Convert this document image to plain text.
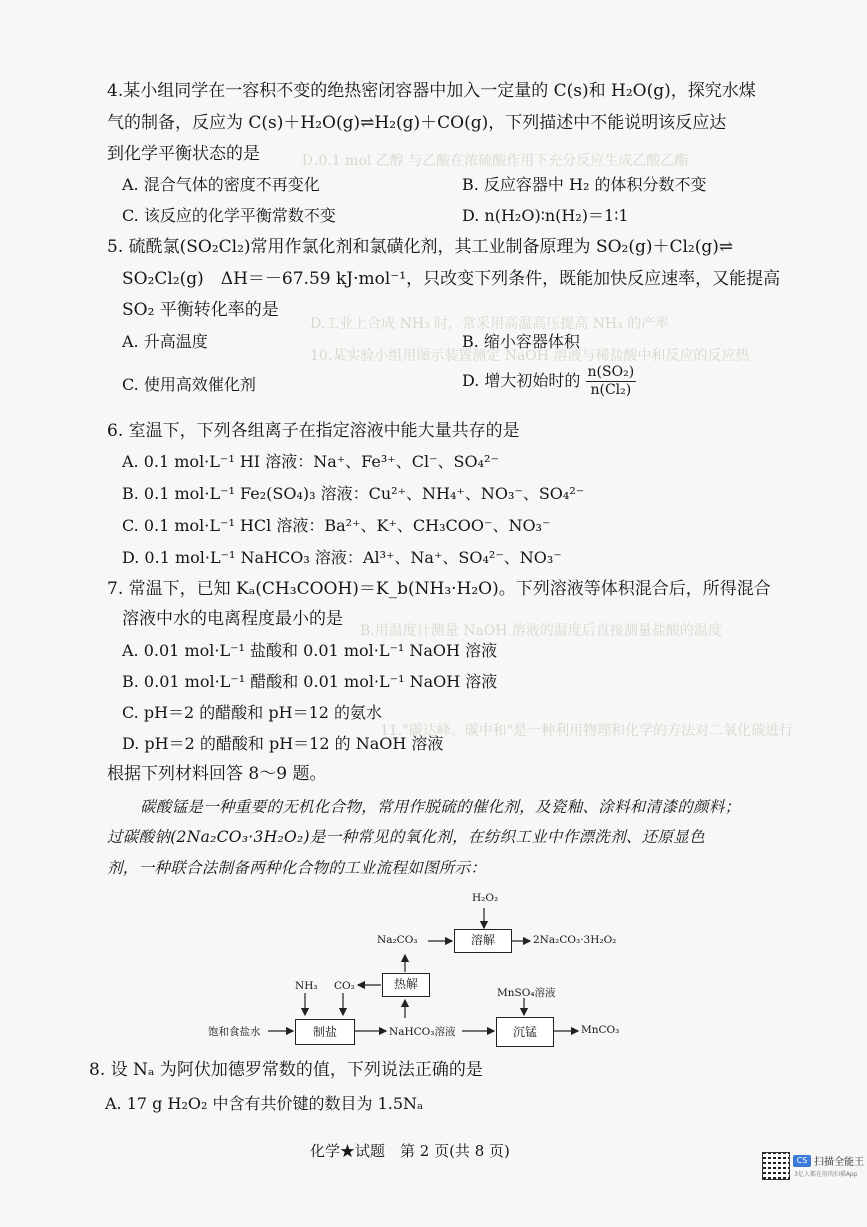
Ｄ.0.1 mol 乙醇 与乙酸在浓硫酸作用下充分反应生成乙酸乙酯
D.工业上合成 NH₃ 时，常采用高温高压提高 NH₃ 的产率
10.某实验小组用图示装置测定 NaOH 溶液与稀盐酸中和反应的反应热
B.用温度计测量 NaOH 溶液的温度后直接测量盐酸的温度
11."碳达峰、碳中和"是一种利用物理和化学的方法对二氧化碳进行
4.某小组同学在一容积不变的绝热密闭容器中加入一定量的 C(s)和 H₂O(g)，探究水煤
气的制备，反应为 C(s)＋H₂O(g)⇌H₂(g)＋CO(g)，下列描述中不能说明该反应达
到化学平衡状态的是
A. 混合气体的密度不再变化	B. 反应容器中 H₂ 的体积分数不变
C. 该反应的化学平衡常数不变	D. n(H₂O)∶n(H₂)＝1∶1
5. 硫酰氯(SO₂Cl₂)常用作氯化剂和氯磺化剂，其工业制备原理为 SO₂(g)＋Cl₂(g)⇌
SO₂Cl₂(g)　ΔH＝－67.59 kJ·mol⁻¹，只改变下列条件，既能加快反应速率，又能提高
SO₂ 平衡转化率的是
A. 升高温度	B. 缩小容器体积
C. 使用高效催化剂	D. 增大初始时的 $\frac{\text{n(SO₂)}}{\text{n(Cl₂)}}$
6. 室温下，下列各组离子在指定溶液中能大量共存的是
A. 0.1 mol·L⁻¹ HI 溶液：Na⁺、Fe³⁺、Cl⁻、SO₄²⁻
B. 0.1 mol·L⁻¹ Fe₂(SO₄)₃ 溶液：Cu²⁺、NH₄⁺、NO₃⁻、SO₄²⁻
C. 0.1 mol·L⁻¹ HCl 溶液：Ba²⁺、K⁺、CH₃COO⁻、NO₃⁻
D. 0.1 mol·L⁻¹ NaHCO₃ 溶液：Al³⁺、Na⁺、SO₄²⁻、NO₃⁻
7. 常温下，已知 Kₐ(CH₃COOH)＝K_b(NH₃·H₂O)。下列溶液等体积混合后，所得混合
溶液中水的电离程度最小的是
A. 0.01 mol·L⁻¹ 盐酸和 0.01 mol·L⁻¹ NaOH 溶液
B. 0.01 mol·L⁻¹ 醋酸和 0.01 mol·L⁻¹ NaOH 溶液
C. pH＝2 的醋酸和 pH＝12 的氨水
D. pH＝2 的醋酸和 pH＝12 的 NaOH 溶液
根据下列材料回答 8～9 题。
碳酸锰是一种重要的无机化合物，常用作脱硫的催化剂，及瓷釉、涂料和清漆的颜料；
过碳酸钠(2Na₂CO₃·3H₂O₂)是一种常见的氧化剂，在纺织工业中作漂洗剂、还原显色
剂，一种联合法制备两种化合物的工业流程如图所示：
H₂O₂
Na₂CO₃	溶解	2Na₂CO₃·3H₂O₂
热解
NH₃ CO₂
MnSO₄溶液
饱和食盐水	制盐	NaHCO₃溶液	沉锰	MnCO₃
8. 设 Nₐ 为阿伏加德罗常数的值，下列说法正确的是
A. 17 g H₂O₂ 中含有共价键的数目为 1.5Nₐ
化学★试题　第 2 页(共 8 页)
CS 扫描全能王
3亿人都在用的扫描App
